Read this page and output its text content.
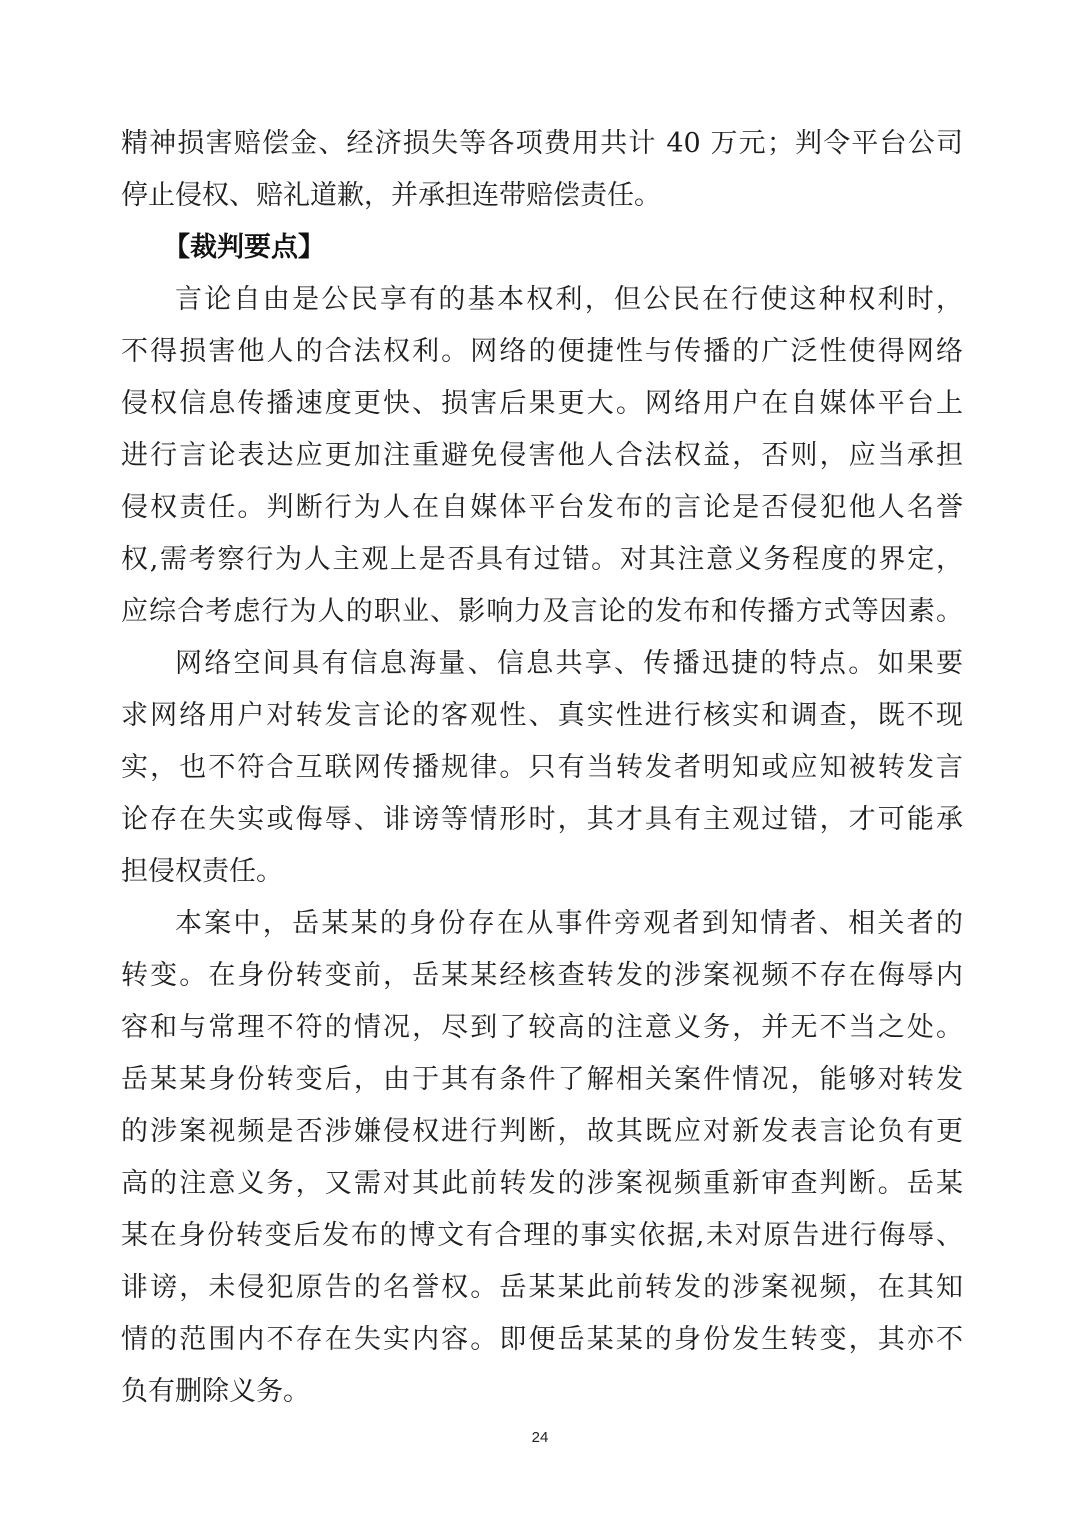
精神损害赔偿金、经济损失等各项费用共计 40 万元；判令平台公司
停止侵权、赔礼道歉，并承担连带赔偿责任。
【裁判要点】
言论自由是公民享有的基本权利，但公民在行使这种权利时，
不得损害他人的合法权利。网络的便捷性与传播的广泛性使得网络
侵权信息传播速度更快、损害后果更大。网络用户在自媒体平台上
进行言论表达应更加注重避免侵害他人合法权益，否则，应当承担
侵权责任。判断行为人在自媒体平台发布的言论是否侵犯他人名誉
权,需考察行为人主观上是否具有过错。对其注意义务程度的界定，
应综合考虑行为人的职业、影响力及言论的发布和传播方式等因素。
网络空间具有信息海量、信息共享、传播迅捷的特点。如果要
求网络用户对转发言论的客观性、真实性进行核实和调查，既不现
实，也不符合互联网传播规律。只有当转发者明知或应知被转发言
论存在失实或侮辱、诽谤等情形时，其才具有主观过错，才可能承
担侵权责任。
本案中，岳某某的身份存在从事件旁观者到知情者、相关者的
转变。在身份转变前，岳某某经核查转发的涉案视频不存在侮辱内
容和与常理不符的情况，尽到了较高的注意义务，并无不当之处。
岳某某身份转变后，由于其有条件了解相关案件情况，能够对转发
的涉案视频是否涉嫌侵权进行判断，故其既应对新发表言论负有更
高的注意义务，又需对其此前转发的涉案视频重新审查判断。岳某
某在身份转变后发布的博文有合理的事实依据,未对原告进行侮辱、
诽谤，未侵犯原告的名誉权。岳某某此前转发的涉案视频，在其知
情的范围内不存在失实内容。即便岳某某的身份发生转变，其亦不
负有删除义务。
24
